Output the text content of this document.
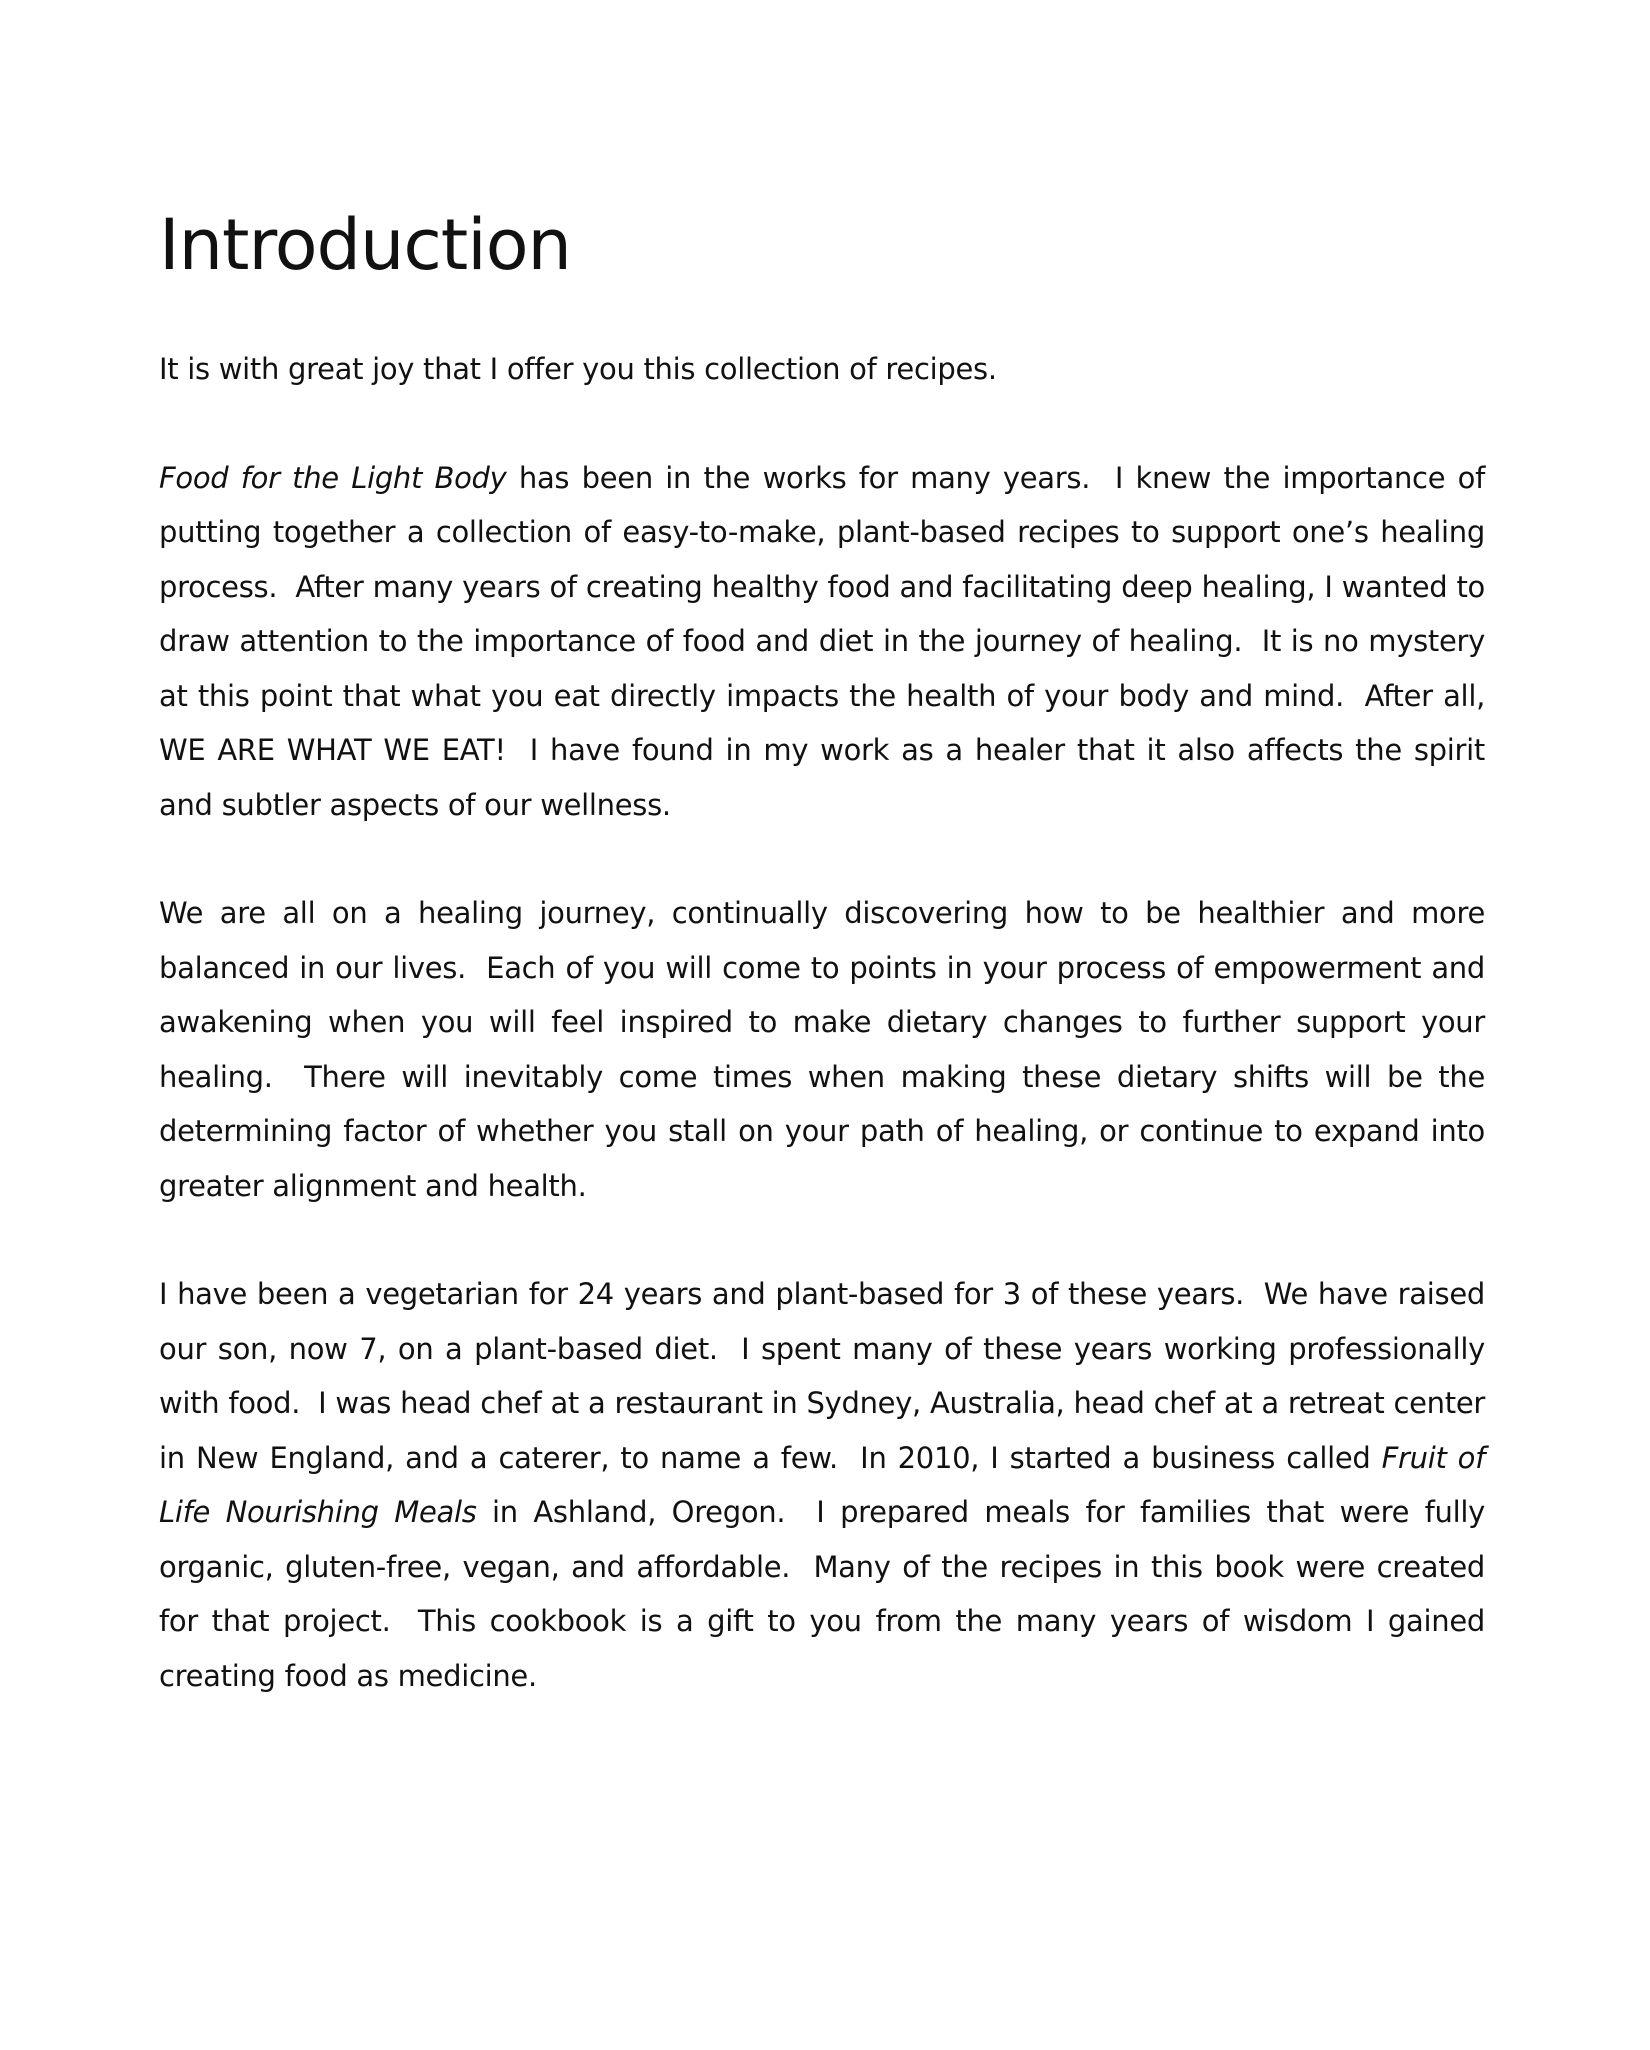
Introduction

It is with great joy that I offer you this collection of recipes.

Food for the Light Body has been in the works for many years.  I knew the importance of putting together a collection of easy-to-make, plant-based recipes to support one’s healing process.  After many years of creating healthy food and facilitating deep healing, I wanted to draw attention to the importance of food and diet in the journey of healing.  It is no mystery at this point that what you eat directly impacts the health of your body and mind.  After all, WE ARE WHAT WE EAT!  I have found in my work as a healer that it also affects the spirit and subtler aspects of our wellness.

We are all on a healing journey, continually discovering how to be healthier and more balanced in our lives.  Each of you will come to points in your process of empowerment and awakening when you will feel inspired to make dietary changes to further support your healing.  There will inevitably come times when making these dietary shifts will be the determining factor of whether you stall on your path of healing, or continue to expand into greater alignment and health.

I have been a vegetarian for 24 years and plant-based for 3 of these years.  We have raised our son, now 7, on a plant-based diet.  I spent many of these years working professionally with food.  I was head chef at a restaurant in Sydney, Australia, head chef at a retreat center in New England, and a caterer, to name a few.  In 2010, I started a business called Fruit of Life Nourishing Meals in Ashland, Oregon.  I prepared meals for families that were fully organic, gluten-free, vegan, and affordable.  Many of the recipes in this book were created for that project.  This cookbook is a gift to you from the many years of wisdom I gained creating food as medicine.
